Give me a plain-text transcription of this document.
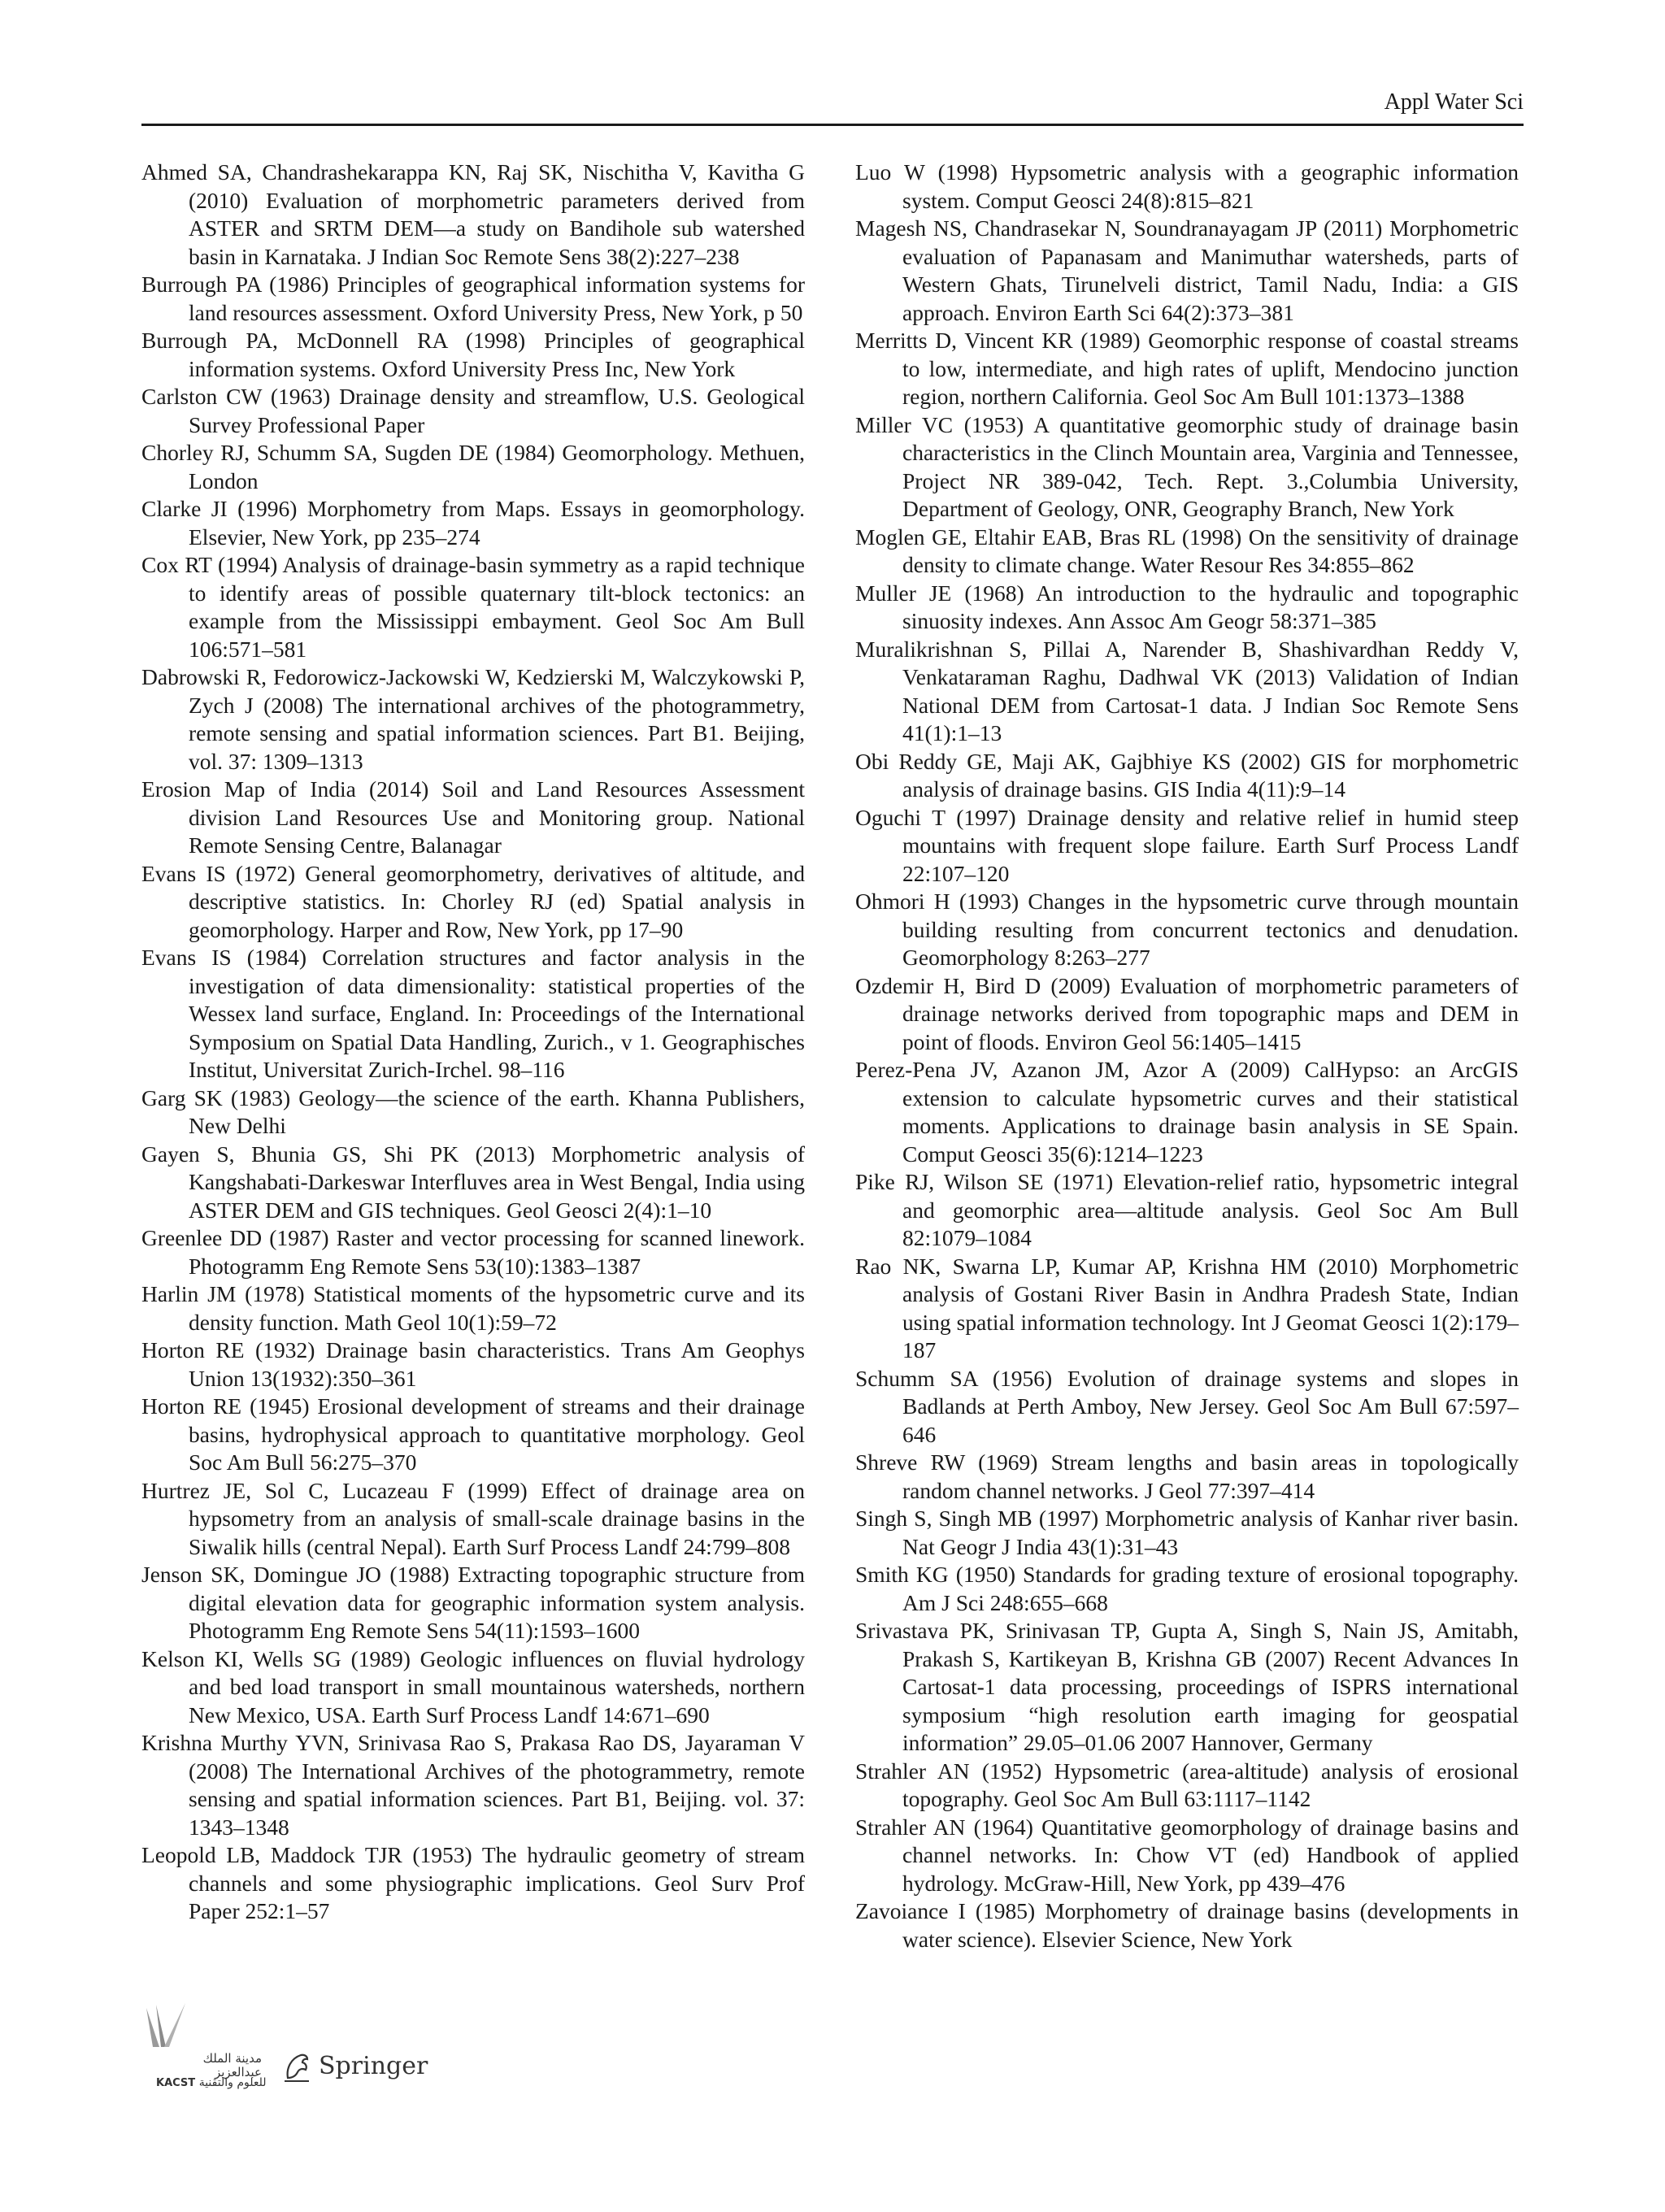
Appl Water Sci

Ahmed SA, Chandrashekarappa KN, Raj SK, Nischitha V, Kavitha G (2010) Evaluation of morphometric parameters derived from ASTER and SRTM DEM—a study on Bandihole sub watershed basin in Karnataka. J Indian Soc Remote Sens 38(2):227–238

Burrough PA (1986) Principles of geographical information systems for land resources assessment. Oxford University Press, New York, p 50

Burrough PA, McDonnell RA (1998) Principles of geographical information systems. Oxford University Press Inc, New York

Carlston CW (1963) Drainage density and streamflow, U.S. Geological Survey Professional Paper

Chorley RJ, Schumm SA, Sugden DE (1984) Geomorphology. Methuen, London

Clarke JI (1996) Morphometry from Maps. Essays in geomorphology. Elsevier, New York, pp 235–274

Cox RT (1994) Analysis of drainage-basin symmetry as a rapid technique to identify areas of possible quaternary tilt-block tectonics: an example from the Mississippi embayment. Geol Soc Am Bull 106:571–581

Dabrowski R, Fedorowicz-Jackowski W, Kedzierski M, Walczykowski P, Zych J (2008) The international archives of the photogrammetry, remote sensing and spatial information sciences. Part B1. Beijing, vol. 37: 1309–1313

Erosion Map of India (2014) Soil and Land Resources Assessment division Land Resources Use and Monitoring group. National Remote Sensing Centre, Balanagar

Evans IS (1972) General geomorphometry, derivatives of altitude, and descriptive statistics. In: Chorley RJ (ed) Spatial analysis in geomorphology. Harper and Row, New York, pp 17–90

Evans IS (1984) Correlation structures and factor analysis in the investigation of data dimensionality: statistical properties of the Wessex land surface, England. In: Proceedings of the International Symposium on Spatial Data Handling, Zurich., v 1. Geographisches Institut, Universitat Zurich-Irchel. 98–116

Garg SK (1983) Geology—the science of the earth. Khanna Publishers, New Delhi

Gayen S, Bhunia GS, Shi PK (2013) Morphometric analysis of Kangshabati-Darkeswar Interfluves area in West Bengal, India using ASTER DEM and GIS techniques. Geol Geosci 2(4):1–10

Greenlee DD (1987) Raster and vector processing for scanned linework. Photogramm Eng Remote Sens 53(10):1383–1387

Harlin JM (1978) Statistical moments of the hypsometric curve and its density function. Math Geol 10(1):59–72

Horton RE (1932) Drainage basin characteristics. Trans Am Geophys Union 13(1932):350–361

Horton RE (1945) Erosional development of streams and their drainage basins, hydrophysical approach to quantitative morphology. Geol Soc Am Bull 56:275–370

Hurtrez JE, Sol C, Lucazeau F (1999) Effect of drainage area on hypsometry from an analysis of small-scale drainage basins in the Siwalik hills (central Nepal). Earth Surf Process Landf 24:799–808

Jenson SK, Domingue JO (1988) Extracting topographic structure from digital elevation data for geographic information system analysis. Photogramm Eng Remote Sens 54(11):1593–1600

Kelson KI, Wells SG (1989) Geologic influences on fluvial hydrology and bed load transport in small mountainous watersheds, northern New Mexico, USA. Earth Surf Process Landf 14:671–690

Krishna Murthy YVN, Srinivasa Rao S, Prakasa Rao DS, Jayaraman V (2008) The International Archives of the photogrammetry, remote sensing and spatial information sciences. Part B1, Beijing. vol. 37: 1343–1348

Leopold LB, Maddock TJR (1953) The hydraulic geometry of stream channels and some physiographic implications. Geol Surv Prof Paper 252:1–57

Luo W (1998) Hypsometric analysis with a geographic information system. Comput Geosci 24(8):815–821

Magesh NS, Chandrasekar N, Soundranayagam JP (2011) Morphometric evaluation of Papanasam and Manimuthar watersheds, parts of Western Ghats, Tirunelveli district, Tamil Nadu, India: a GIS approach. Environ Earth Sci 64(2):373–381

Merritts D, Vincent KR (1989) Geomorphic response of coastal streams to low, intermediate, and high rates of uplift, Mendocino junction region, northern California. Geol Soc Am Bull 101:1373–1388

Miller VC (1953) A quantitative geomorphic study of drainage basin characteristics in the Clinch Mountain area, Varginia and Tennessee, Project NR 389-042, Tech. Rept. 3.,Columbia University, Department of Geology, ONR, Geography Branch, New York

Moglen GE, Eltahir EAB, Bras RL (1998) On the sensitivity of drainage density to climate change. Water Resour Res 34:855–862

Muller JE (1968) An introduction to the hydraulic and topographic sinuosity indexes. Ann Assoc Am Geogr 58:371–385

Muralikrishnan S, Pillai A, Narender B, Shashivardhan Reddy V, Venkataraman Raghu, Dadhwal VK (2013) Validation of Indian National DEM from Cartosat-1 data. J Indian Soc Remote Sens 41(1):1–13

Obi Reddy GE, Maji AK, Gajbhiye KS (2002) GIS for morphometric analysis of drainage basins. GIS India 4(11):9–14

Oguchi T (1997) Drainage density and relative relief in humid steep mountains with frequent slope failure. Earth Surf Process Landf 22:107–120

Ohmori H (1993) Changes in the hypsometric curve through mountain building resulting from concurrent tectonics and denudation. Geomorphology 8:263–277

Ozdemir H, Bird D (2009) Evaluation of morphometric parameters of drainage networks derived from topographic maps and DEM in point of floods. Environ Geol 56:1405–1415

Perez-Pena JV, Azanon JM, Azor A (2009) CalHypso: an ArcGIS extension to calculate hypsometric curves and their statistical moments. Applications to drainage basin analysis in SE Spain. Comput Geosci 35(6):1214–1223

Pike RJ, Wilson SE (1971) Elevation-relief ratio, hypsometric integral and geomorphic area—altitude analysis. Geol Soc Am Bull 82:1079–1084

Rao NK, Swarna LP, Kumar AP, Krishna HM (2010) Morphometric analysis of Gostani River Basin in Andhra Pradesh State, Indian using spatial information technology. Int J Geomat Geosci 1(2):179–187

Schumm SA (1956) Evolution of drainage systems and slopes in Badlands at Perth Amboy, New Jersey. Geol Soc Am Bull 67:597–646

Shreve RW (1969) Stream lengths and basin areas in topologically random channel networks. J Geol 77:397–414

Singh S, Singh MB (1997) Morphometric analysis of Kanhar river basin. Nat Geogr J India 43(1):31–43

Smith KG (1950) Standards for grading texture of erosional topography. Am J Sci 248:655–668

Srivastava PK, Srinivasan TP, Gupta A, Singh S, Nain JS, Amitabh, Prakash S, Kartikeyan B, Krishna GB (2007) Recent Advances In Cartosat-1 data processing, proceedings of ISPRS international symposium “high resolution earth imaging for geospatial information” 29.05–01.06 2007 Hannover, Germany

Strahler AN (1952) Hypsometric (area-altitude) analysis of erosional topography. Geol Soc Am Bull 63:1117–1142

Strahler AN (1964) Quantitative geomorphology of drainage basins and channel networks. In: Chow VT (ed) Handbook of applied hydrology. McGraw-Hill, New York, pp 439–476

Zavoiance I (1985) Morphometry of drainage basins (developments in water science). Elsevier Science, New York

مدينة الملك عبدالعزيز
KACST للعلوم والتقنية
Springer
